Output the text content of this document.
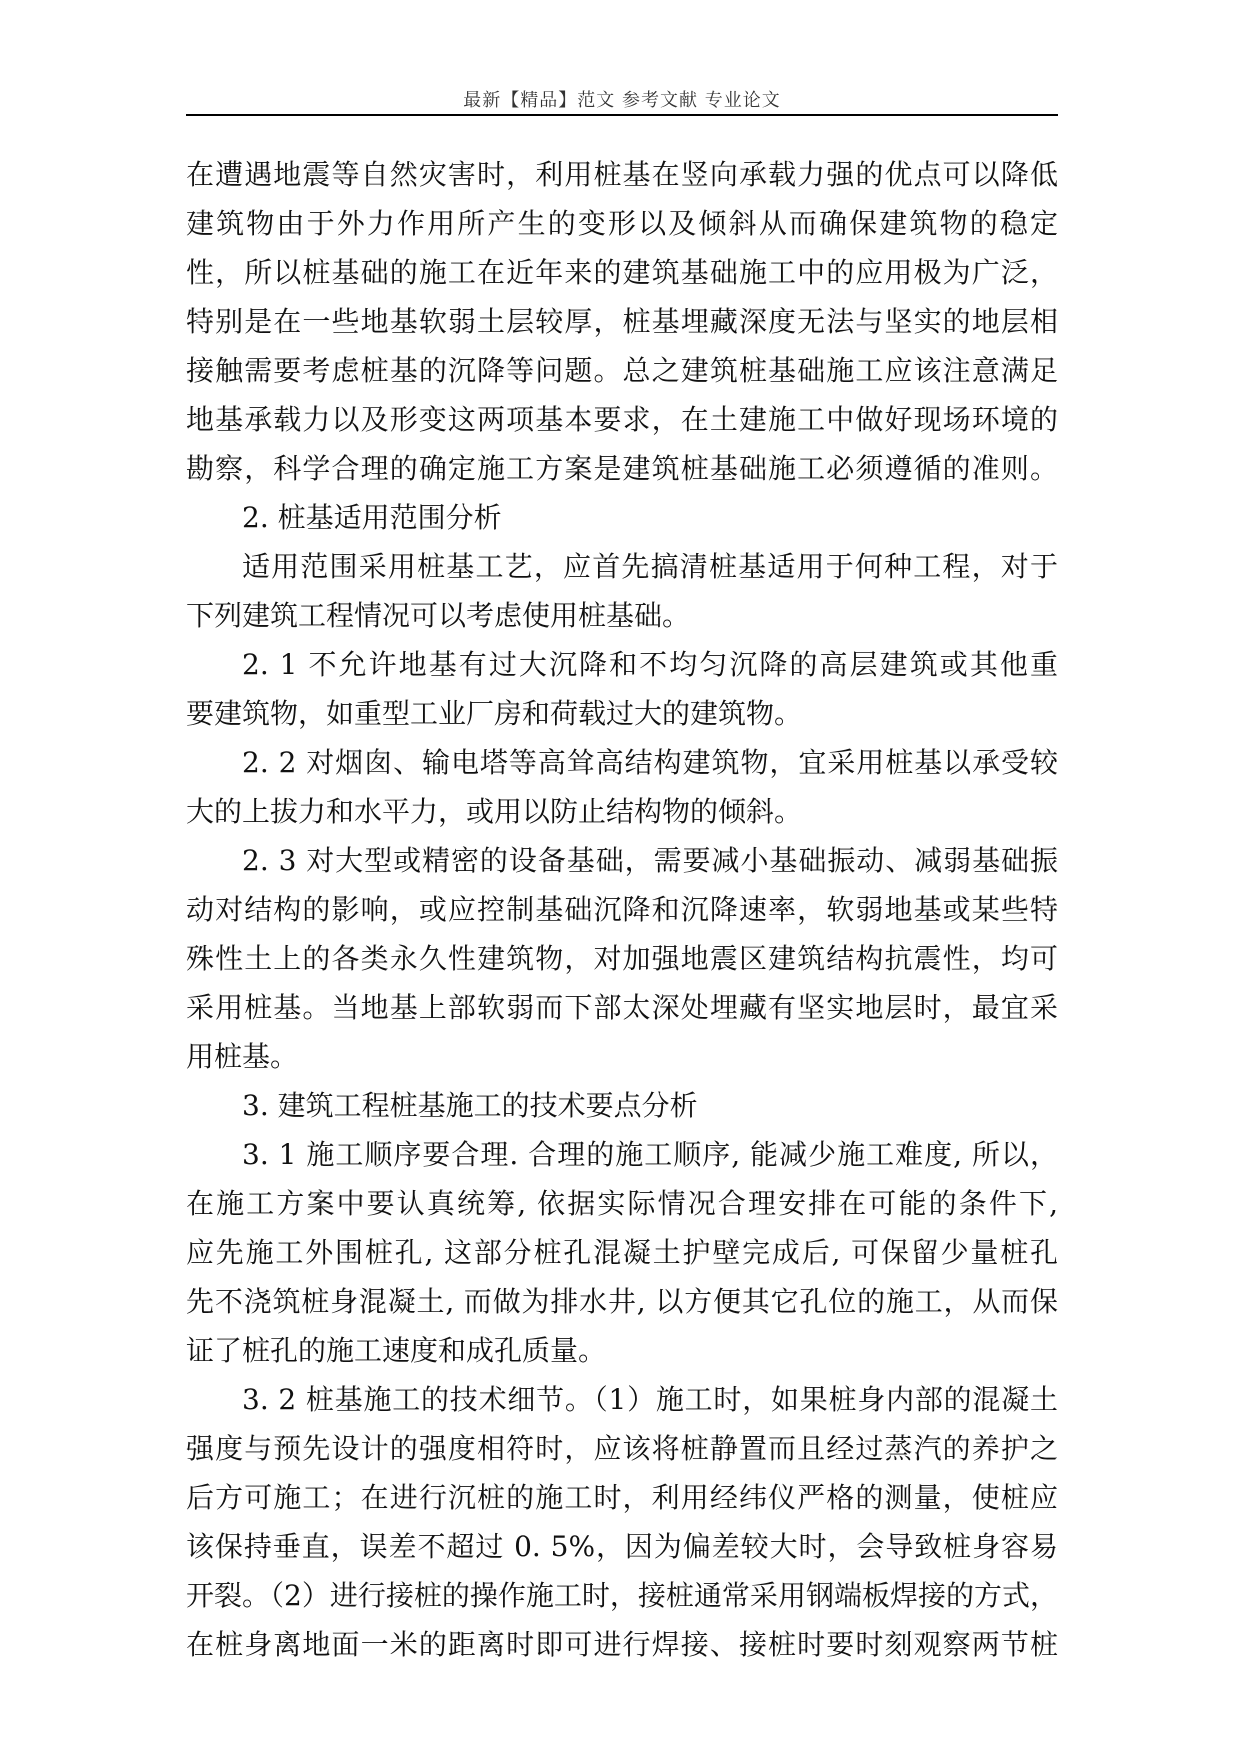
最新【精品】范文 参考文献 专业论文
在遭遇地震等自然灾害时，利用桩基在竖向承载力强的优点可以降低
建筑物由于外力作用所产生的变形以及倾斜从而确保建筑物的稳定
性，所以桩基础的施工在近年来的建筑基础施工中的应用极为广泛，
特别是在一些地基软弱土层较厚，桩基埋藏深度无法与坚实的地层相
接触需要考虑桩基的沉降等问题。总之建筑桩基础施工应该注意满足
地基承载力以及形变这两项基本要求，在土建施工中做好现场环境的
勘察，科学合理的确定施工方案是建筑桩基础施工必须遵循的准则。
2. 桩基适用范围分析
适用范围采用桩基工艺，应首先搞清桩基适用于何种工程，对于
下列建筑工程情况可以考虑使用桩基础。
2. 1 不允许地基有过大沉降和不均匀沉降的高层建筑或其他重
要建筑物，如重型工业厂房和荷载过大的建筑物。
2. 2 对烟囱、输电塔等高耸高结构建筑物，宜采用桩基以承受较
大的上拔力和水平力，或用以防止结构物的倾斜。
2. 3 对大型或精密的设备基础，需要减小基础振动、减弱基础振
动对结构的影响，或应控制基础沉降和沉降速率，软弱地基或某些特
殊性土上的各类永久性建筑物，对加强地震区建筑结构抗震性，均可
采用桩基。当地基上部软弱而下部太深处埋藏有坚实地层时，最宜采
用桩基。
3. 建筑工程桩基施工的技术要点分析
3. 1 施工顺序要合理. 合理的施工顺序, 能减少施工难度, 所以，
在施工方案中要认真统筹, 依据实际情况合理安排在可能的条件下,
应先施工外围桩孔, 这部分桩孔混凝土护壁完成后, 可保留少量桩孔
先不浇筑桩身混凝土, 而做为排水井, 以方便其它孔位的施工，从而保
证了桩孔的施工速度和成孔质量。
3. 2 桩基施工的技术细节。（1）施工时，如果桩身内部的混凝土
强度与预先设计的强度相符时，应该将桩静置而且经过蒸汽的养护之
后方可施工；在进行沉桩的施工时，利用经纬仪严格的测量，使桩应
该保持垂直，误差不超过 0. 5%，因为偏差较大时，会导致桩身容易
开裂。（2）进行接桩的操作施工时，接桩通常采用钢端板焊接的方式，
在桩身离地面一米的距离时即可进行焊接、接桩时要时刻观察两节桩
